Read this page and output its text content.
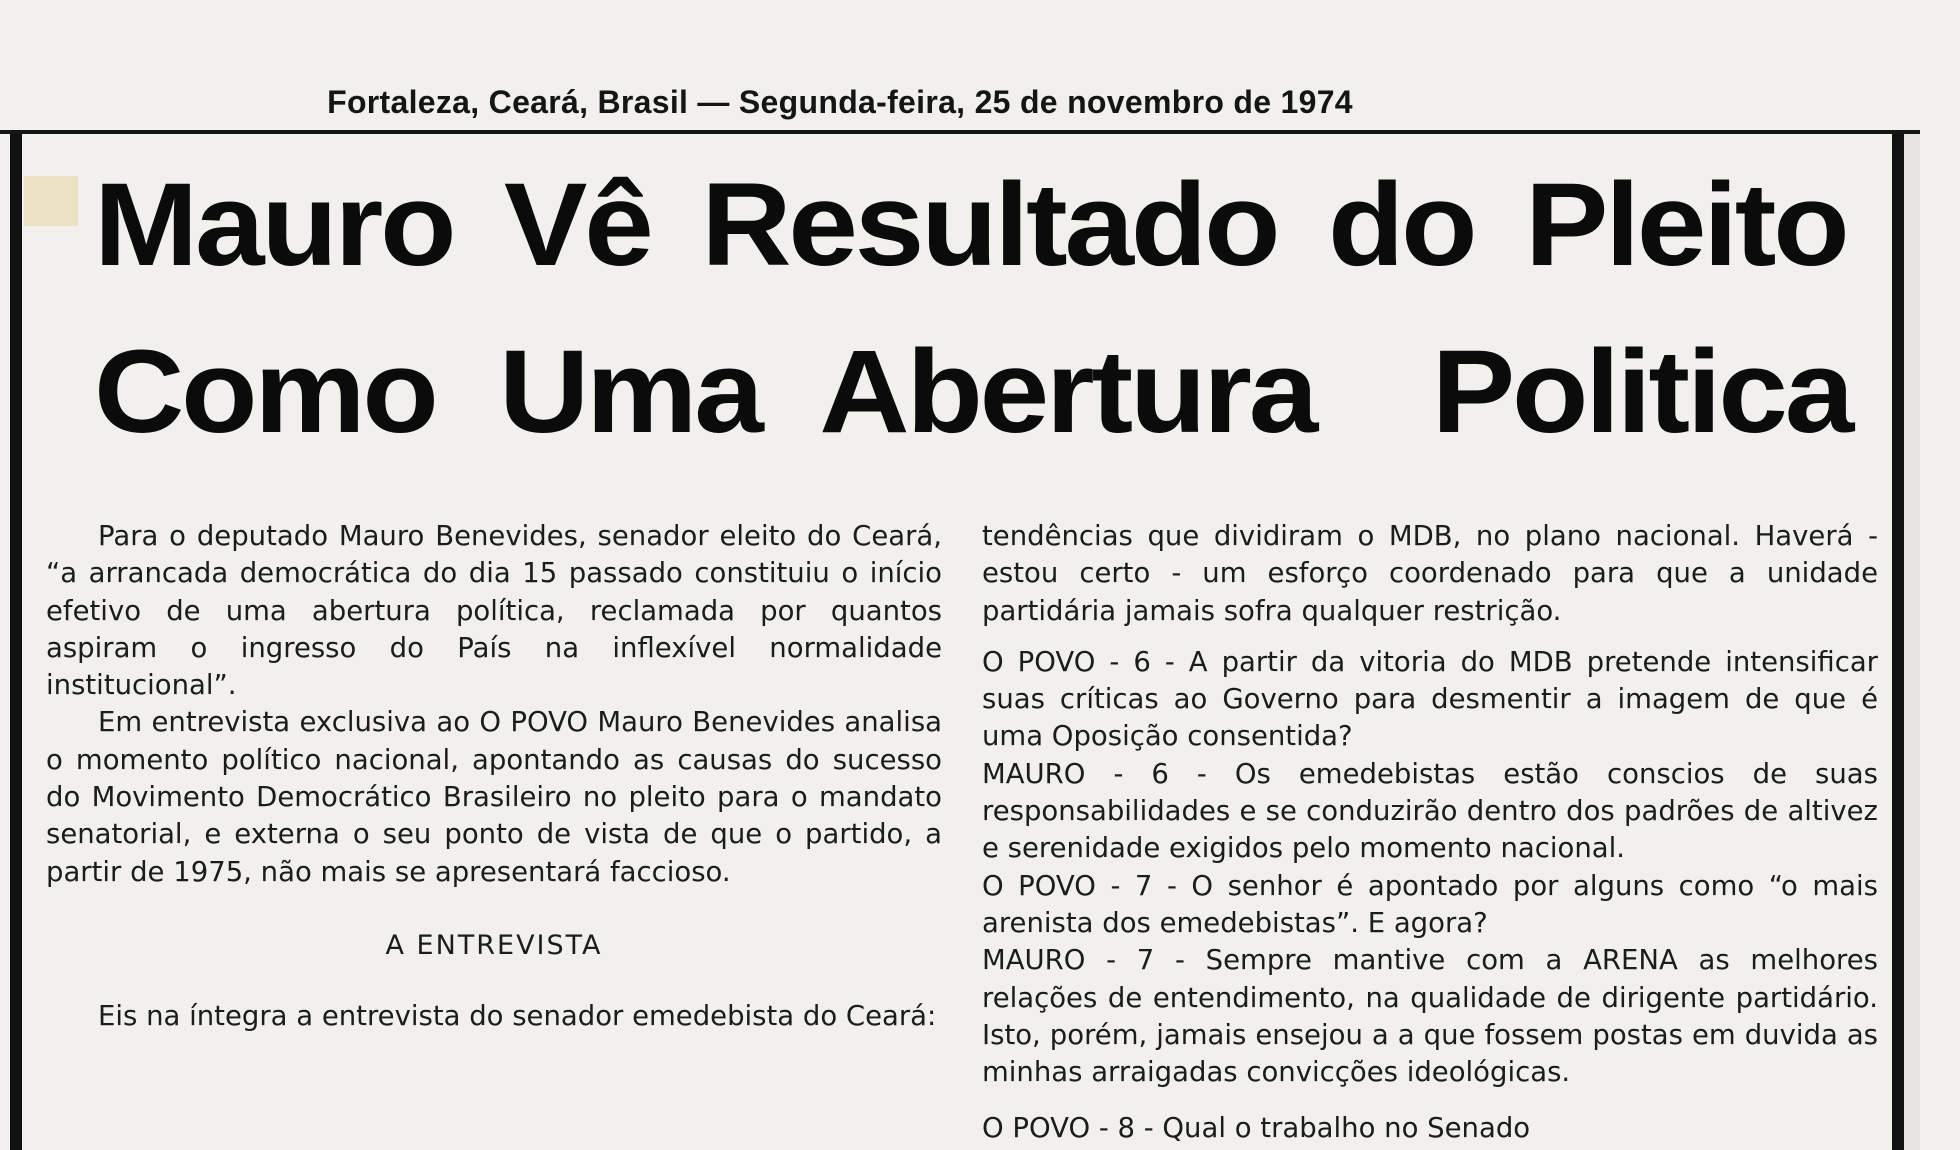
Fortaleza, Ceará, Brasil — Segunda-feira, 25 de novembro de 1974
Mauro Vê Resultado do Pleito
Como Uma Abertura Politica

Para o deputado Mauro Benevides, senador eleito do Ceará, “a arrancada democrática do dia 15 passado constituiu o início efetivo de uma abertura política, reclamada por quantos aspiram o ingresso do País na inflexível normalidade institucional”.

Em entrevista exclusiva ao O POVO Mauro Benevides analisa o momento político nacional, apontando as causas do sucesso do Movimento Democrático Brasileiro no pleito para o mandato senatorial, e externa o seu ponto de vista de que o partido, a partir de 1975, não mais se apresentará faccioso.

A ENTREVISTA

Eis na íntegra a entrevista do senador emedebista do Ceará:

tendências que dividiram o MDB, no plano nacional. Haverá - estou certo - um esforço coordenado para que a unidade partidária jamais sofra qualquer restrição.

O POVO - 6 - A partir da vitoria do MDB pretende intensificar suas críticas ao Governo para desmentir a imagem de que é uma Oposição consentida?

MAURO - 6 - Os emedebistas estão conscios de suas responsabilidades e se conduzirão dentro dos padrões de altivez e serenidade exigidos pelo momento nacional.

O POVO - 7 - O senhor é apontado por alguns como “o mais arenista dos emedebistas”. E agora?

MAURO - 7 - Sempre mantive com a ARENA as melhores relações de entendimento, na qualidade de dirigente partidário. Isto, porém, jamais ensejou a a que fossem postas em duvida as minhas arraigadas convicções ideológicas.

O POVO - 8 - Qual o trabalho no Senado
